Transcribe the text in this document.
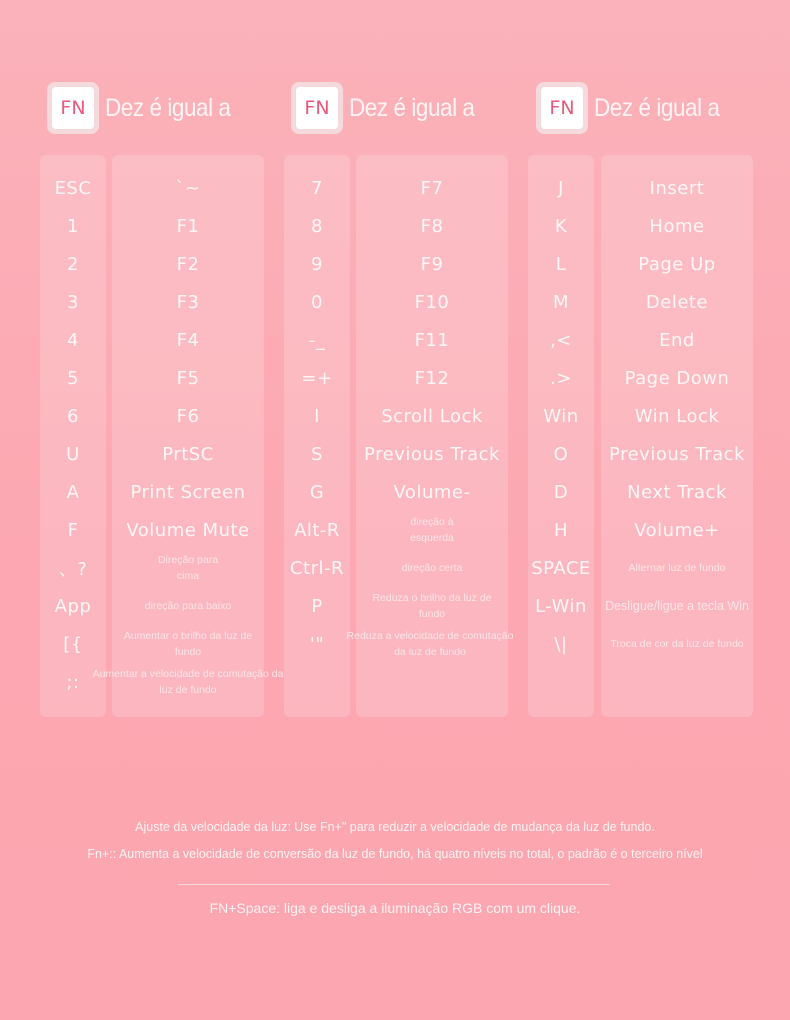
FN Dez é igual a	FN Dez é igual a	FN Dez é igual a
ESC
1
2
3
4
5
6
U
A
F
、?
App
[{
;:
`~
F1
F2
F3
F4
F5
F6
PrtSC
Print Screen
Volume Mute
Direção para cima
direção para baixo
Aumentar o brilho da luz de fundo
Aumentar a velocidade de comutação da luz de fundo
7
8
9
0
-_
=+
I
S
G
Alt-R
Ctrl-R
P
'"
F7
F8
F9
F10
F11
F12
Scroll Lock
Previous Track
Volume-
direção à esquerda
direção certa
Reduza o brilho da luz de fundo
Reduza a velocidade de comutação da luz de fundo
J
K
L
M
,<
.>
Win
O
D
H
SPACE
L-Win
\|
Insert
Home
Page Up
Delete
End
Page Down
Win Lock
Previous Track
Next Track
Volume+
Alternar luz de fundo
Desligue/ligue a tecla Win
Troca de cor da luz de fundo
Ajuste da velocidade da luz: Use Fn+" para reduzir a velocidade de mudança da luz de fundo.
Fn+:: Aumenta a velocidade de conversão da luz de fundo, há quatro níveis no total, o padrão é o terceiro nível
FN+Space: liga e desliga a iluminação RGB com um clique.
